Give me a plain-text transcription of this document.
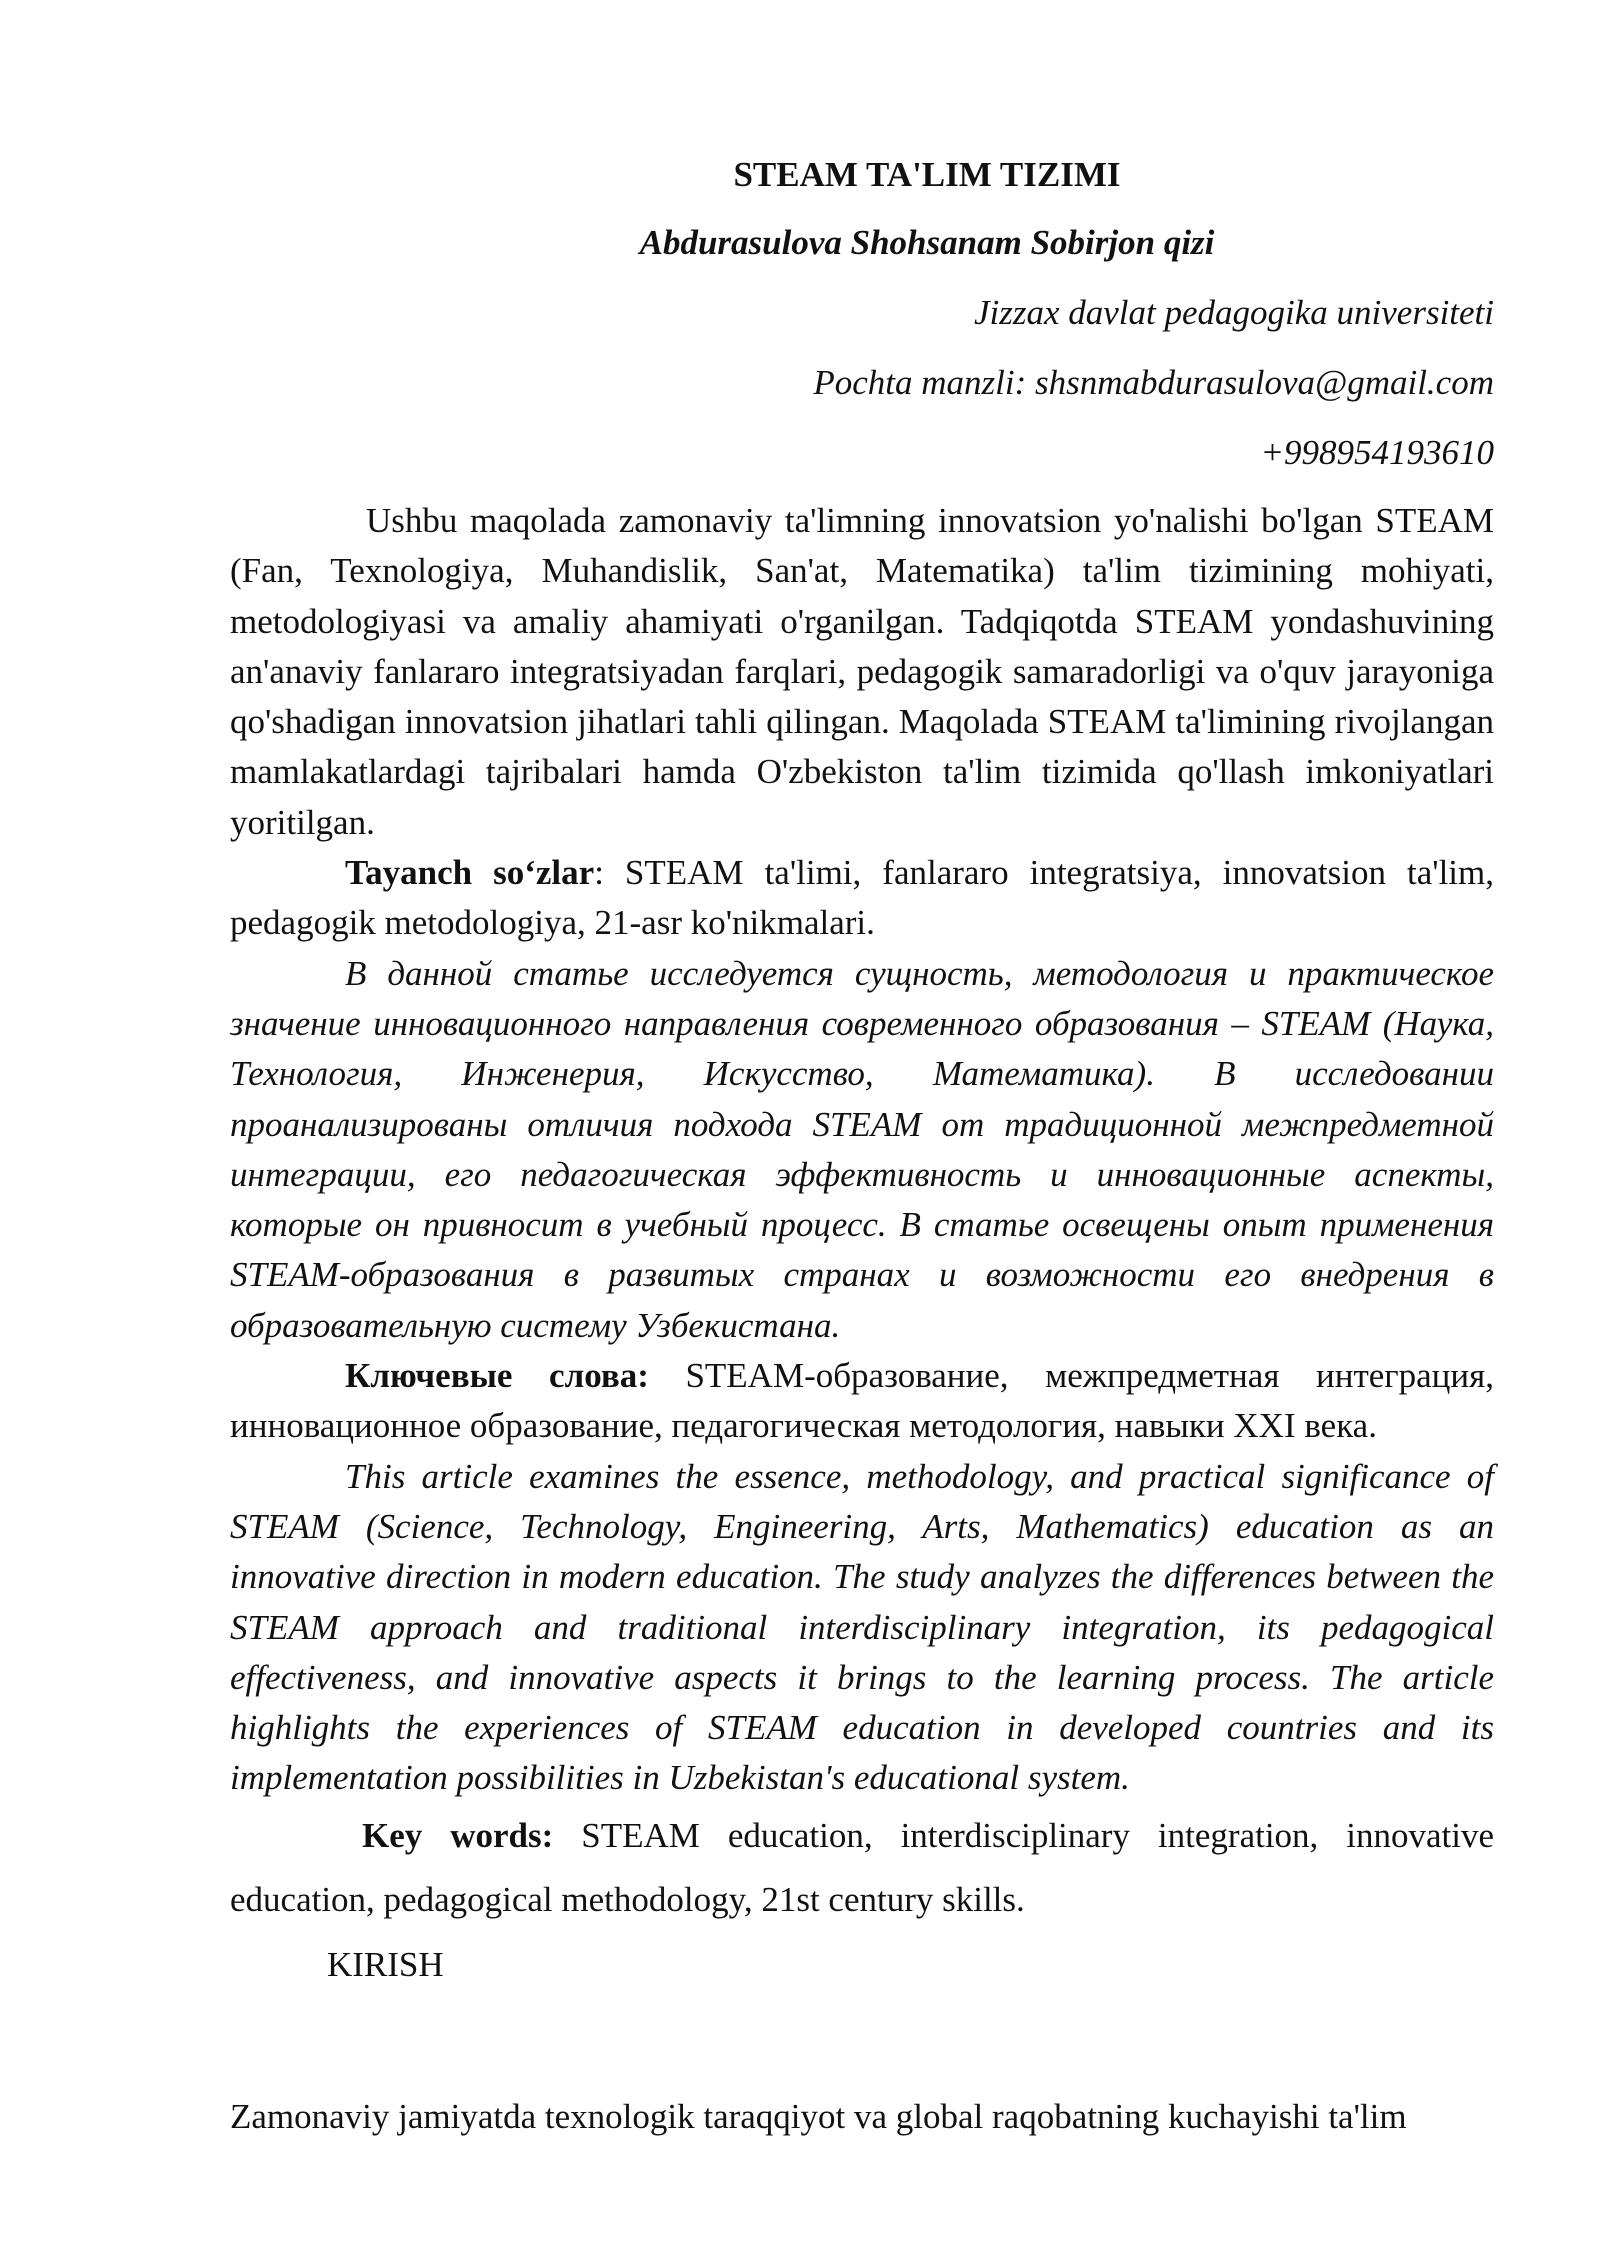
STEAM TA'LIM TIZIMI
Abdurasulova Shohsanam Sobirjon qizi
Jizzax davlat pedagogika universiteti
Pochta manzli: shsnmabdurasulova@gmail.com
+998954193610

Ushbu maqolada zamonaviy ta'limning innovatsion yo'nalishi bo'lgan STEAM (Fan, Texnologiya, Muhandislik, San'at, Matematika) ta'lim tizimining mohiyati, metodologiyasi va amaliy ahamiyati o'rganilgan. Tadqiqotda STEAM yondashuvining an'anaviy fanlararo integratsiyadan farqlari, pedagogik samaradorligi va o'quv jarayoniga qo'shadigan innovatsion jihatlari tahli qilingan. Maqolada STEAM ta'limining rivojlangan mamlakatlardagi tajribalari hamda O'zbekiston ta'lim tizimida qo'llash imkoniyatlari yoritilgan.

Tayanch so‘zlar: STEAM ta'limi, fanlararo integratsiya, innovatsion ta'lim, pedagogik metodologiya, 21-asr ko'nikmalari.

В данной статье исследуется сущность, методология и практическое значение инновационного направления современного образования – STEAM (Наука, Технология, Инженерия, Искусство, Математика). В исследовании проанализированы отличия подхода STEAM от традиционной межпредметной интеграции, его педагогическая эффективность и инновационные аспекты, которые он привносит в учебный процесс. В статье освещены опыт применения STEAM-образования в развитых странах и возможности его внедрения в образовательную систему Узбекистана.

Ключевые слова: STEAM-образование, межпредметная интеграция, инновационное образование, педагогическая методология, навыки XXI века.

This article examines the essence, methodology, and practical significance of STEAM (Science, Technology, Engineering, Arts, Mathematics) education as an innovative direction in modern education. The study analyzes the differences between the STEAM approach and traditional interdisciplinary integration, its pedagogical effectiveness, and innovative aspects it brings to the learning process. The article highlights the experiences of STEAM education in developed countries and its implementation possibilities in Uzbekistan's educational system.

Key words: STEAM education, interdisciplinary integration, innovative education, pedagogical methodology, 21st century skills.

KIRISH
Zamonaviy jamiyatda texnologik taraqqiyot va global raqobatning kuchayishi ta'lim
